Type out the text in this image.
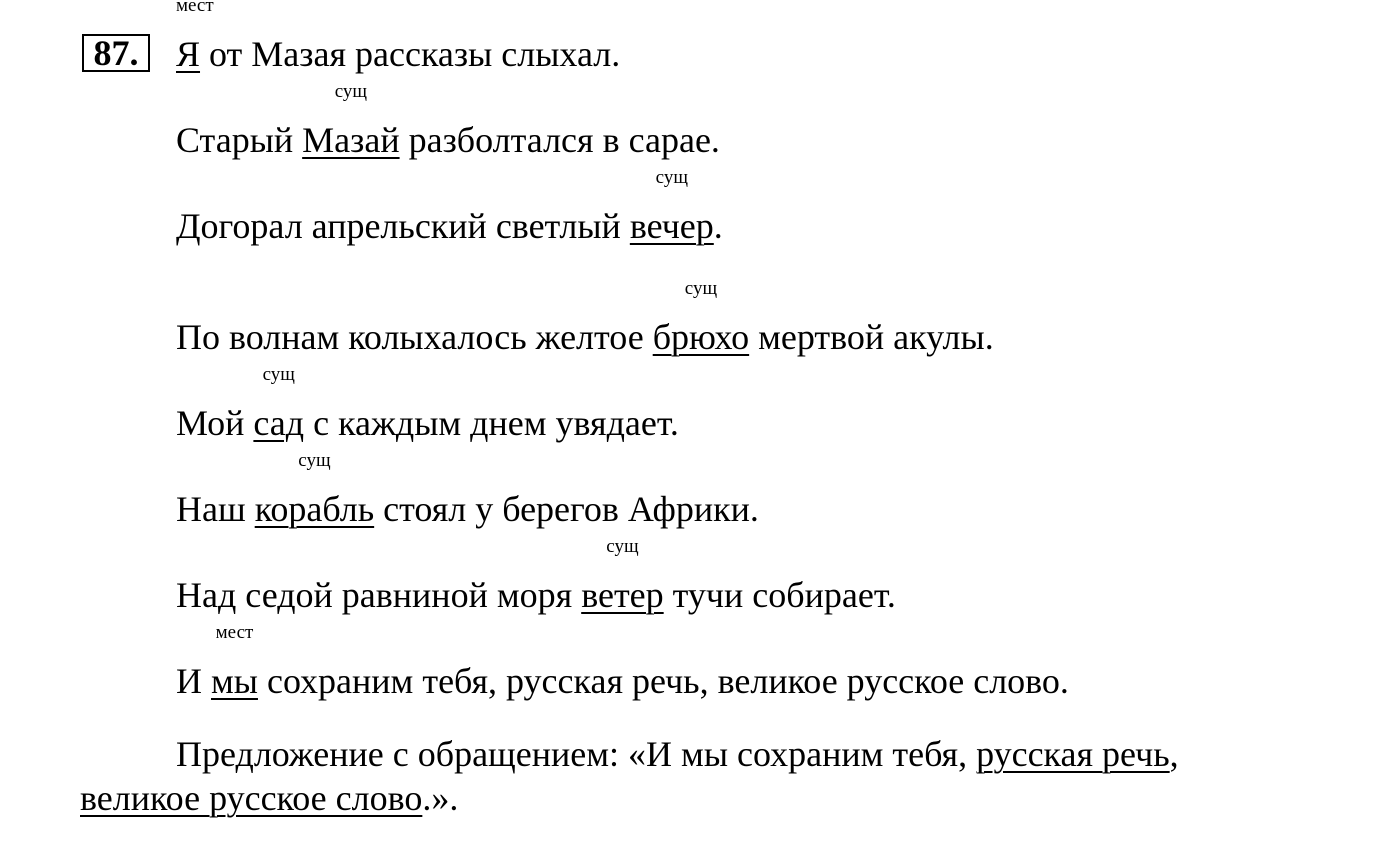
87.
мест
Я от Мазая рассказы слыхал.
Старый
сущ
Мазай разболтался в сарае.
Догорал апрельский светлый
сущ
вечер.
По волнам колыхалось желтое
сущ
брюхо мертвой акулы.
Мой
сущ
сад с каждым днем увядает.
Наш
сущ
корабль стоял у берегов Африки.
Над седой равниной моря
сущ
ветер тучи собирает.
И
мест
мы сохраним тебя, русская речь, великое русское слово.

Предложение с обращением: «И мы сохраним тебя, русская речь, великое русское слово.».
